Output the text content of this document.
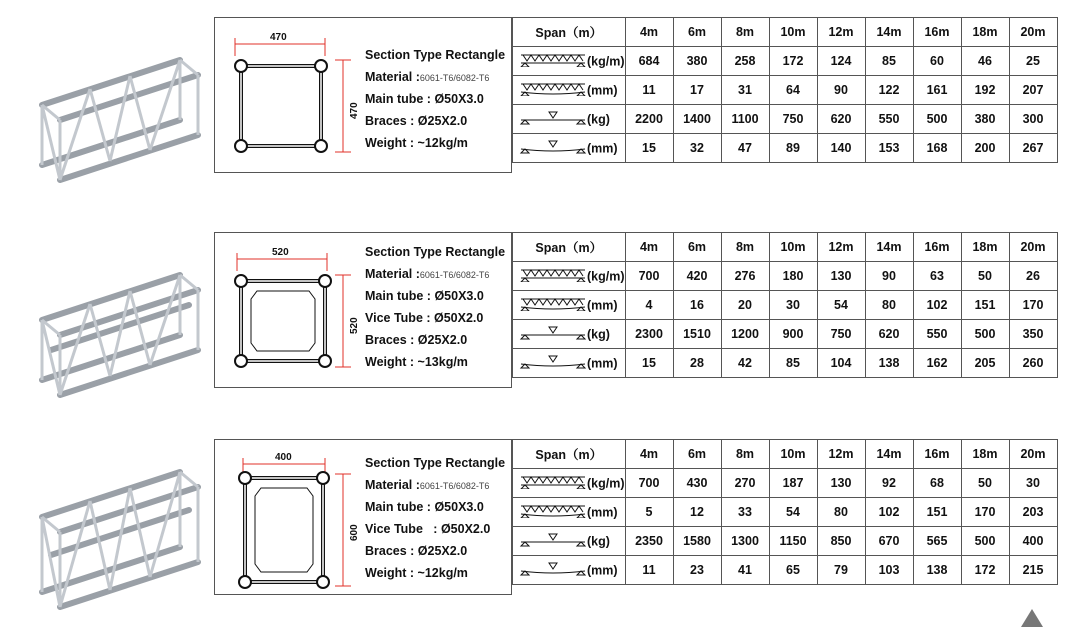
470
470
Section Type Rectangle
Material :6061-T6/6082-T6
Main tube : Ø50X3.0
Braces : Ø25X2.0
Weight : ~12kg/m
Span（m）	4m	6m	8m	10m	12m	14m	16m	18m	20m
(kg/m)	684	380	258	172	124	85	60	46	25
(mm)	11	17	31	64	90	122	161	192	207
(kg)	2200	1400	1100	750	620	550	500	380	300
(mm)	15	32	47	89	140	153	168	200	267
520
520
Section Type Rectangle
Material :6061-T6/6082-T6
Main tube : Ø50X3.0
Vice Tube : Ø50X2.0
Braces : Ø25X2.0
Weight : ~13kg/m
Span（m）	4m	6m	8m	10m	12m	14m	16m	18m	20m
(kg/m)	700	420	276	180	130	90	63	50	26
(mm)	4	16	20	30	54	80	102	151	170
(kg)	2300	1510	1200	900	750	620	550	500	350
(mm)	15	28	42	85	104	138	162	205	260
400
600
Section Type Rectangle
Material :6061-T6/6082-T6
Main tube : Ø50X3.0
Vice Tube   : Ø50X2.0
Braces : Ø25X2.0
Weight : ~12kg/m
Span（m）	4m	6m	8m	10m	12m	14m	16m	18m	20m
(kg/m)	700	430	270	187	130	92	68	50	30
(mm)	5	12	33	54	80	102	151	170	203
(kg)	2350	1580	1300	1150	850	670	565	500	400
(mm)	11	23	41	65	79	103	138	172	215
